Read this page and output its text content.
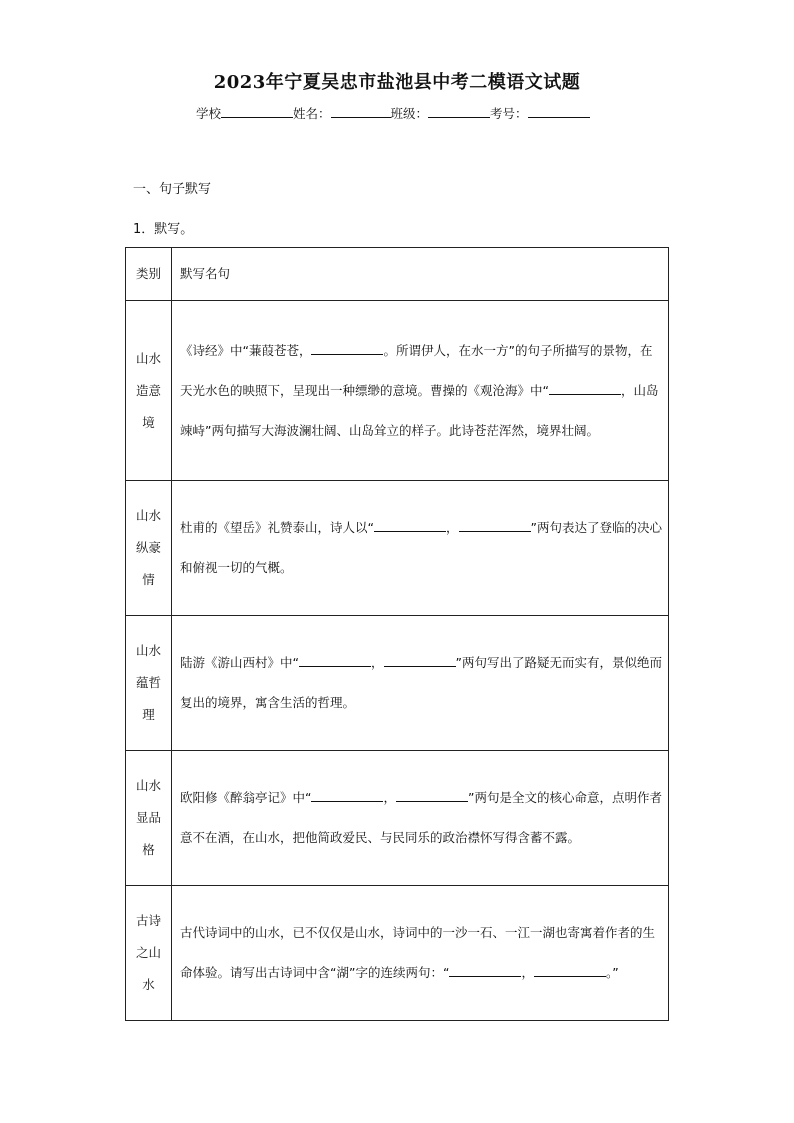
2023年宁夏吴忠市盐池县中考二模语文试题
学校	姓名：	班级：	考号：
一、句子默写
1．默写。
类别	默写名句
山水造意境	《诗经》中“蒹葭苍苍， 。所谓伊人，在水一方”的句子所描写的景物，在天光水色的映照下，呈现出一种缥缈的意境。曹操的《观沧海》中“ ，山岛竦峙”两句描写大海波澜壮阔、山岛耸立的样子。此诗苍茫浑然，境界壮阔。
山水纵豪情	杜甫的《望岳》礼赞泰山，诗人以“ ， ”两句表达了登临的决心和俯视一切的气概。
山水蕴哲理	陆游《游山西村》中“ ， ”两句写出了路疑无而实有，景似绝而复出的境界，寓含生活的哲理。
山水显品格	欧阳修《醉翁亭记》中“ ， ”两句是全文的核心命意，点明作者意不在酒，在山水，把他简政爱民、与民同乐的政治襟怀写得含蓄不露。
古诗之山水	古代诗词中的山水，已不仅仅是山水，诗词中的一沙一石、一江一湖也寄寓着作者的生命体验。请写出古诗词中含“湖”字的连续两句：“ ， 。”
